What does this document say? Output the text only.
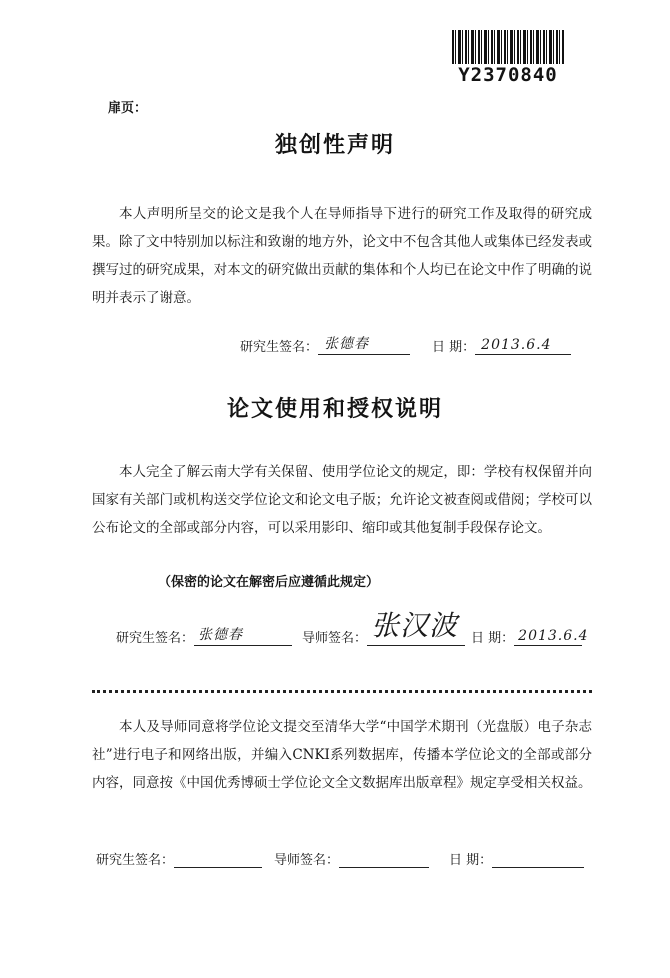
Y2370840
扉页：
独创性声明

本人声明所呈交的论文是我个人在导师指导下进行的研究工作及取得的研究成果。除了文中特别加以标注和致谢的地方外，论文中不包含其他人或集体已经发表或撰写过的研究成果，对本文的研究做出贡献的集体和个人均已在论文中作了明确的说明并表示了谢意。

研究生签名： 张德春	日 期： 2013.6.4
论文使用和授权说明

本人完全了解云南大学有关保留、使用学位论文的规定，即：学校有权保留并向国家有关部门或机构送交学位论文和论文电子版；允许论文被查阅或借阅；学校可以公布论文的全部或部分内容，可以采用影印、缩印或其他复制手段保存论文。

（保密的论文在解密后应遵循此规定）
研究生签名： 张德春	导师签名： 张汉波 日 期： 2013.6.4

本人及导师同意将学位论文提交至清华大学“中国学术期刊（光盘版）电子杂志社”进行电子和网络出版，并编入CNKI系列数据库，传播本学位论文的全部或部分内容，同意按《中国优秀博硕士学位论文全文数据库出版章程》规定享受相关权益。

研究生签名：	导师签名：	日 期：
